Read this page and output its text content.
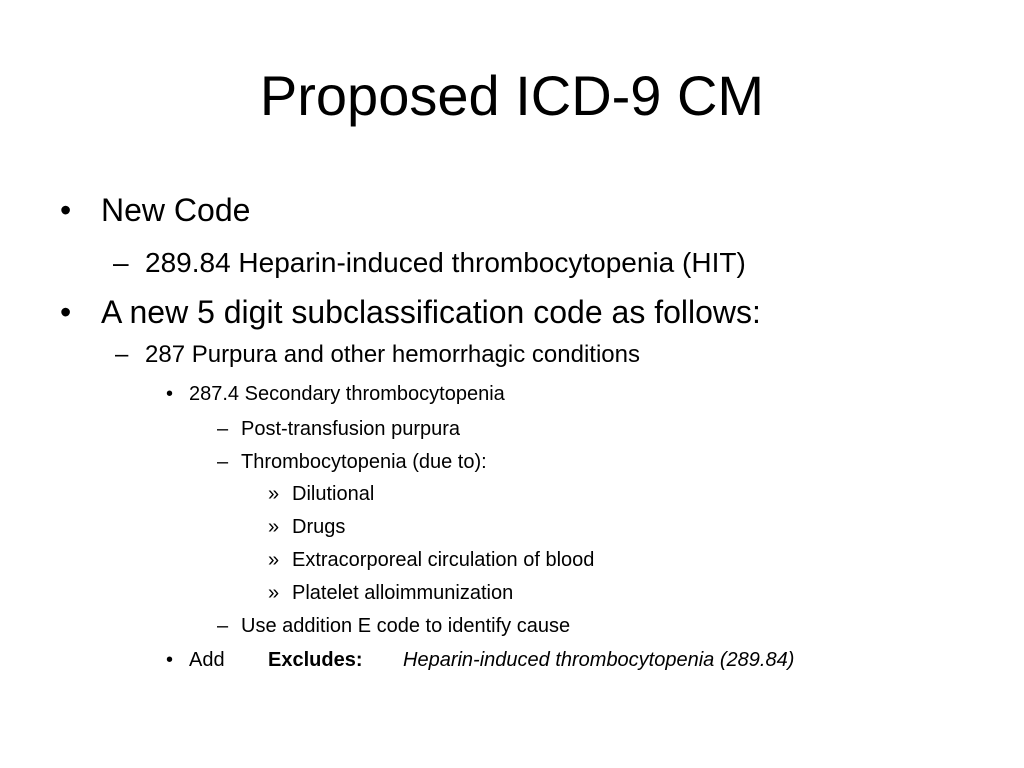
Proposed ICD-9 CM
• New Code
– 289.84 Heparin-induced thrombocytopenia (HIT)
• A new 5 digit subclassification code as follows:
– 287 Purpura and other hemorrhagic conditions
• 287.4 Secondary thrombocytopenia
– Post-transfusion purpura
– Thrombocytopenia (due to):
» Dilutional
» Drugs
» Extracorporeal circulation of blood
» Platelet alloimmunization
– Use addition E code to identify cause
• Add Excludes: Heparin-induced thrombocytopenia (289.84)
